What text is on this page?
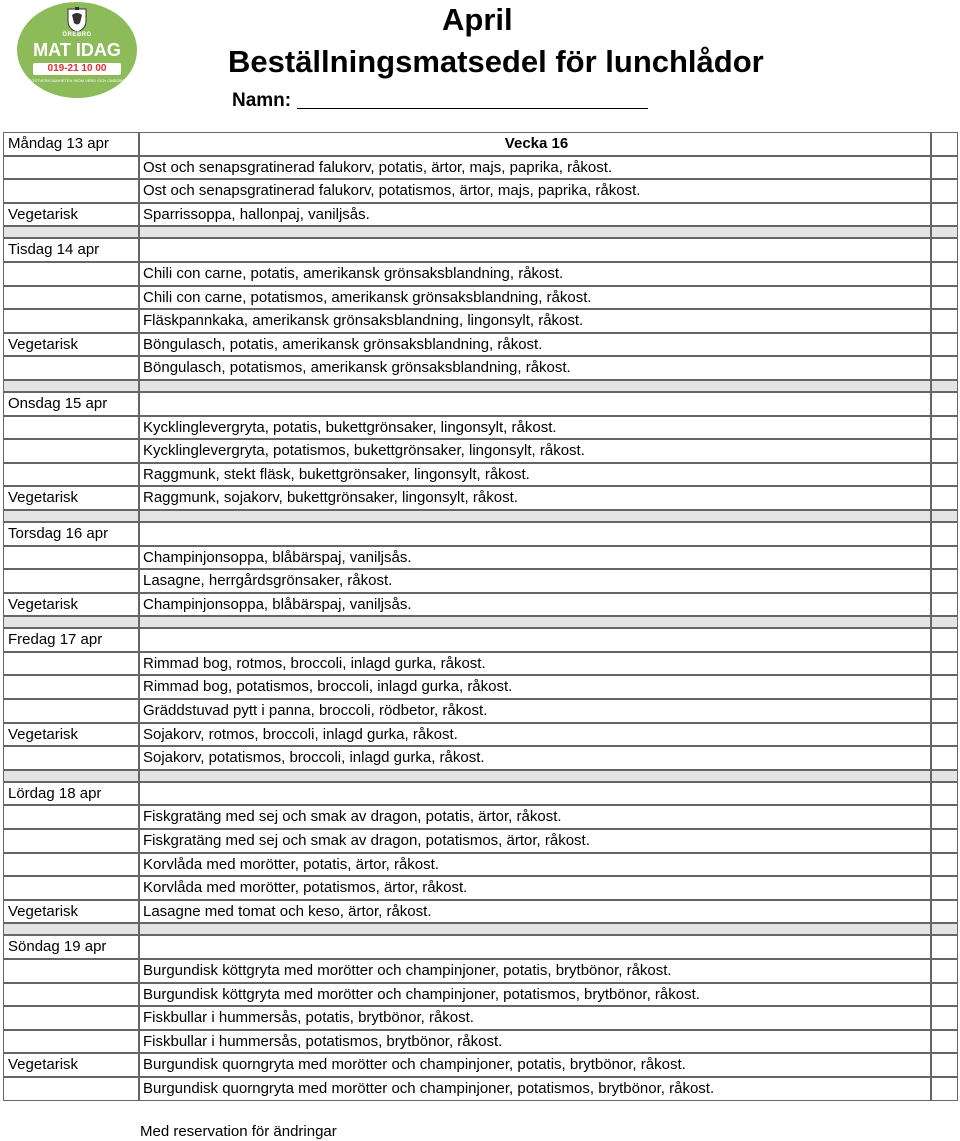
ÖREBRO
MAT IDAG
019-21 10 00
KOSTVERKSAMHETEN INOM VÅRD OCH OMSORG
April
Beställningsmatsedel för lunchlådor
Namn:
Måndag 13 apr	Vecka 16
Ost och senapsgratinerad falukorv, potatis, ärtor, majs, paprika, råkost.
Ost och senapsgratinerad falukorv, potatismos, ärtor, majs, paprika, råkost.
Vegetarisk	Sparrissoppa, hallonpaj, vaniljsås.
Tisdag 14 apr
Chili con carne, potatis, amerikansk grönsaksblandning, råkost.
Chili con carne, potatismos, amerikansk grönsaksblandning, råkost.
Fläskpannkaka, amerikansk grönsaksblandning, lingonsylt, råkost.
Vegetarisk	Böngulasch, potatis, amerikansk grönsaksblandning, råkost.
Böngulasch, potatismos, amerikansk grönsaksblandning, råkost.
Onsdag 15 apr
Kycklinglevergryta, potatis, bukettgrönsaker, lingonsylt, råkost.
Kycklinglevergryta, potatismos, bukettgrönsaker, lingonsylt, råkost.
Raggmunk, stekt fläsk, bukettgrönsaker, lingonsylt, råkost.
Vegetarisk	Raggmunk, sojakorv, bukettgrönsaker, lingonsylt, råkost.
Torsdag 16 apr
Champinjonsoppa, blåbärspaj, vaniljsås.
Lasagne, herrgårdsgrönsaker, råkost.
Vegetarisk	Champinjonsoppa, blåbärspaj, vaniljsås.
Fredag 17 apr
Rimmad bog, rotmos, broccoli, inlagd gurka, råkost.
Rimmad bog, potatismos, broccoli, inlagd gurka, råkost.
Gräddstuvad pytt i panna, broccoli, rödbetor, råkost.
Vegetarisk	Sojakorv, rotmos, broccoli, inlagd gurka, råkost.
Sojakorv, potatismos, broccoli, inlagd gurka, råkost.
Lördag 18 apr
Fiskgratäng med sej och smak av dragon, potatis, ärtor, råkost.
Fiskgratäng med sej och smak av dragon, potatismos, ärtor, råkost.
Korvlåda med morötter, potatis, ärtor, råkost.
Korvlåda med morötter, potatismos, ärtor, råkost.
Vegetarisk	Lasagne med tomat och keso, ärtor, råkost.
Söndag 19 apr
Burgundisk köttgryta med morötter och champinjoner, potatis, brytbönor, råkost.
Burgundisk köttgryta med morötter och champinjoner, potatismos, brytbönor, råkost.
Fiskbullar i hummersås, potatis, brytbönor, råkost.
Fiskbullar i hummersås, potatismos, brytbönor, råkost.
Vegetarisk	Burgundisk quorngryta med morötter och champinjoner, potatis, brytbönor, råkost.
Burgundisk quorngryta med morötter och champinjoner, potatismos, brytbönor, råkost.
Med reservation för ändringar
